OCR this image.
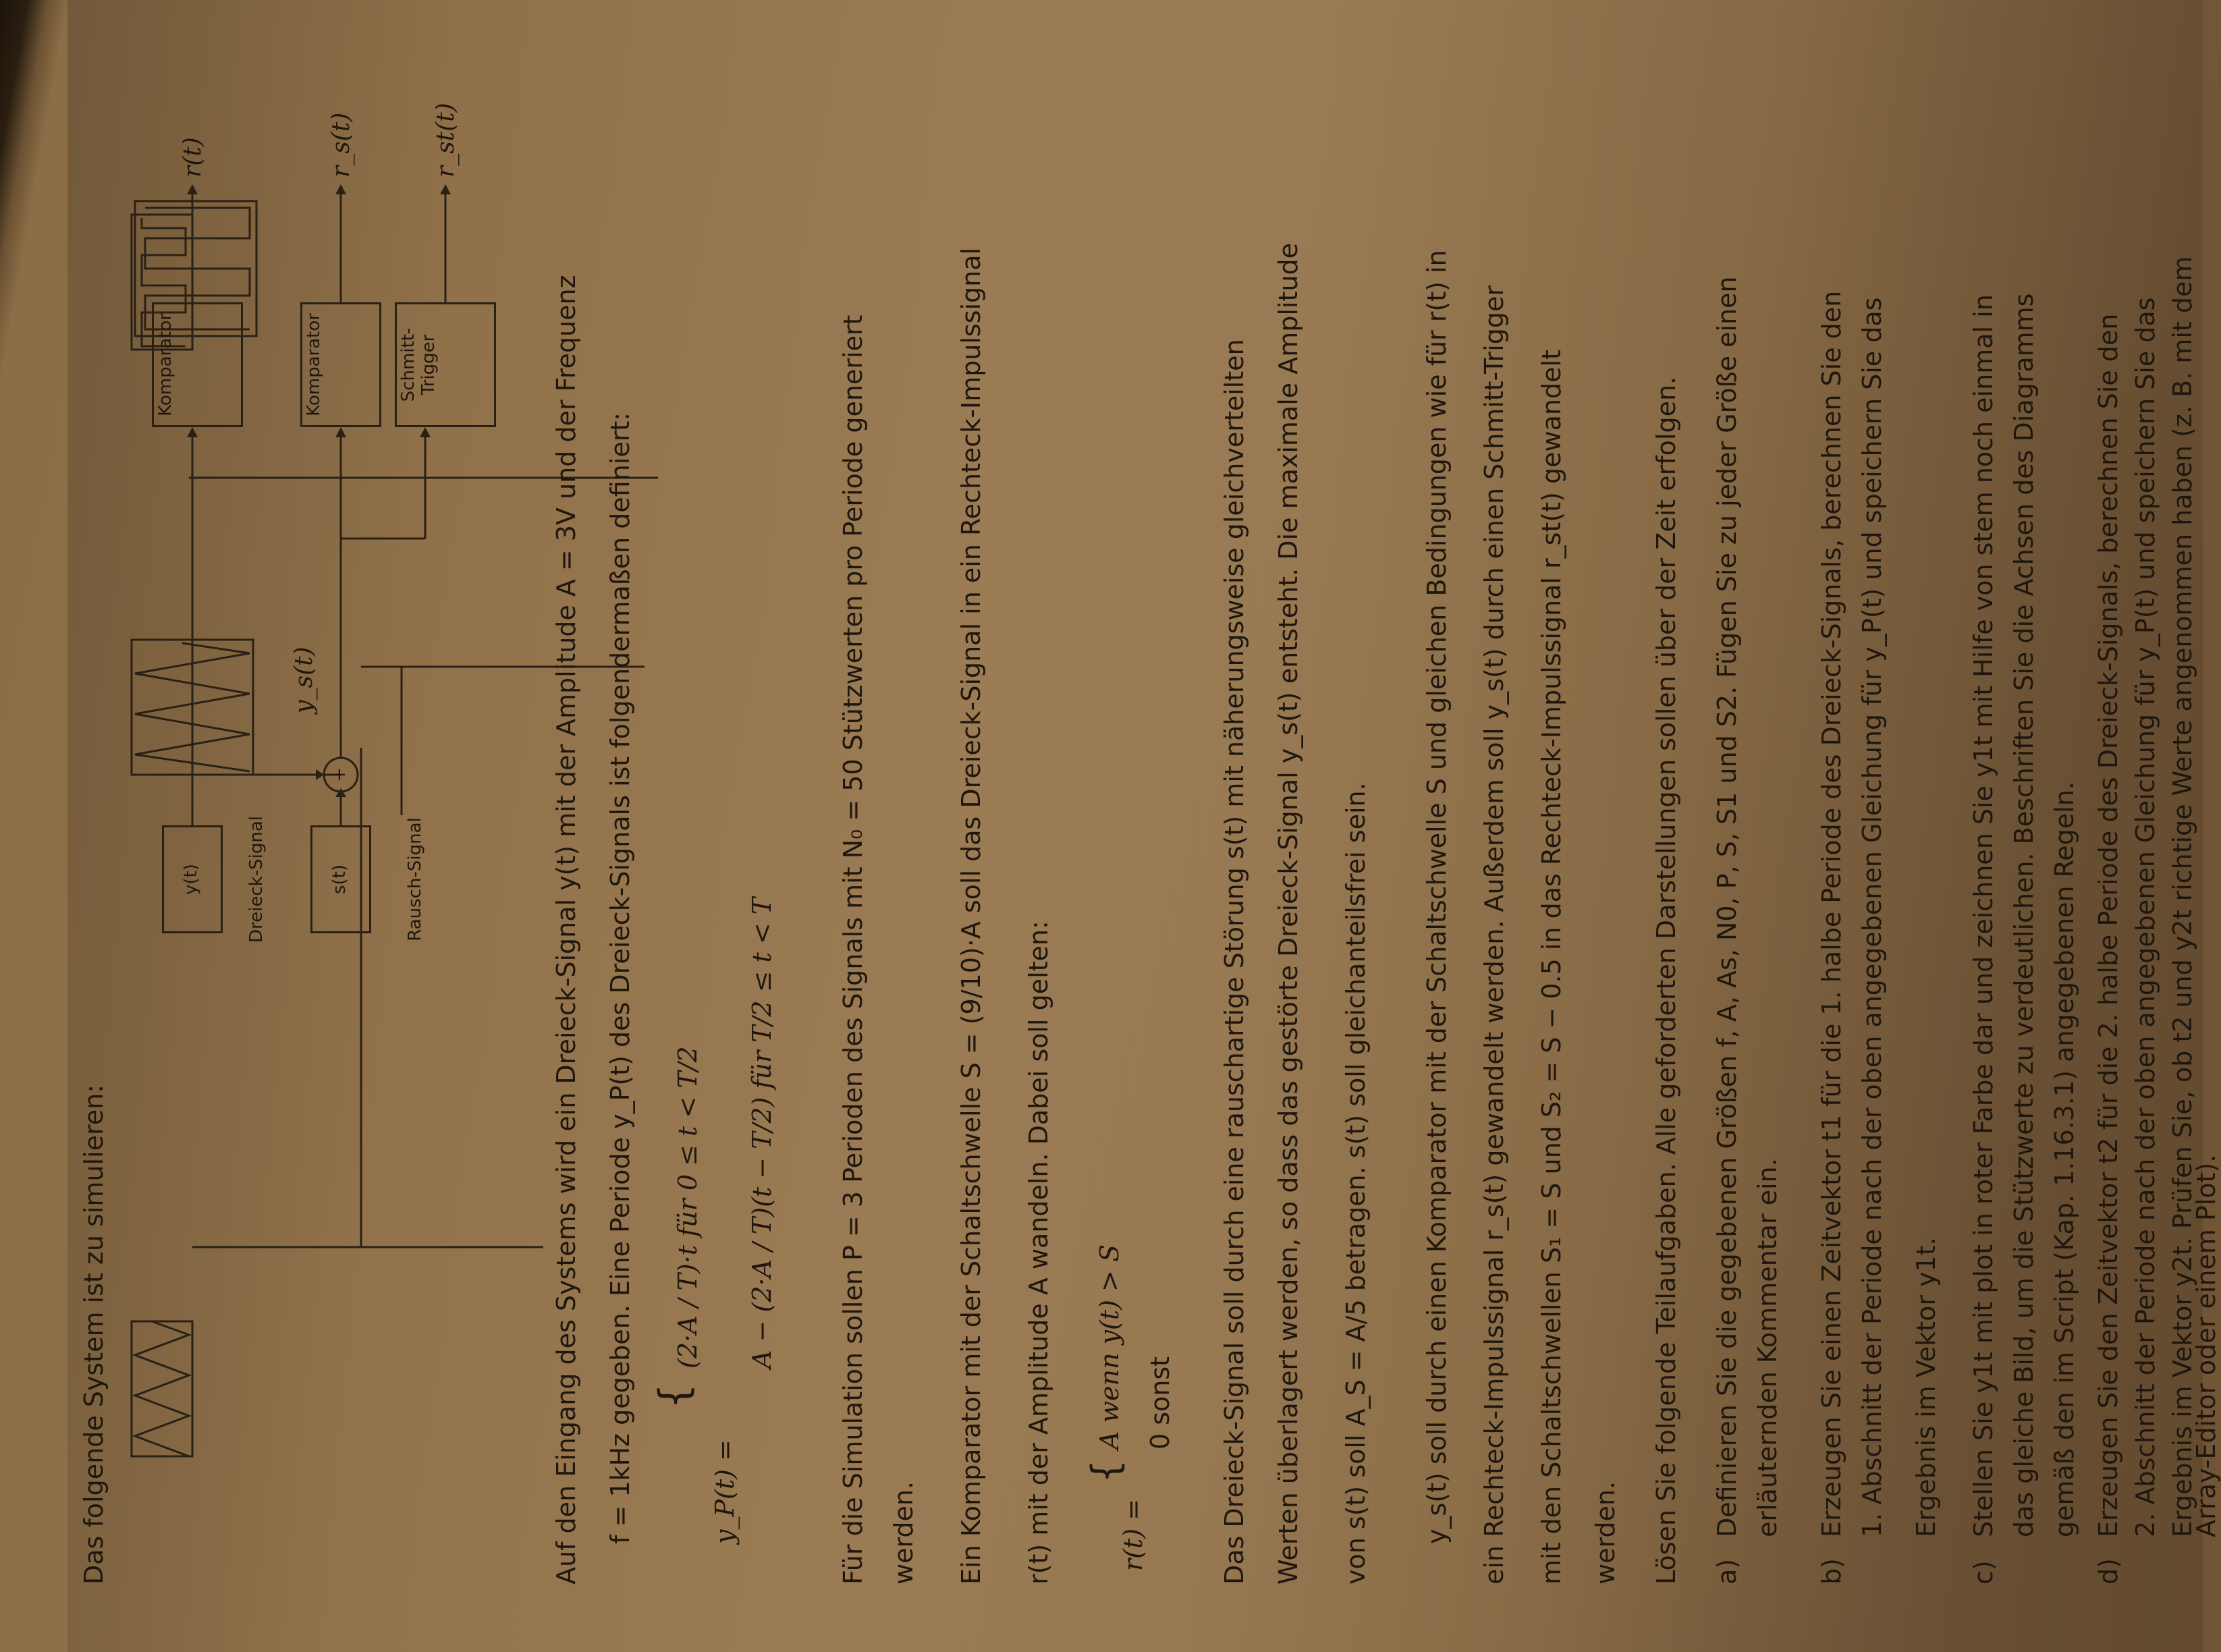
Das folgende System ist zu simulieren:
y(t)	Dreieck-Signal	s(t)	Rausch-Signal
+
y_s(t)
Komparator	Komparator	Schmitt- Trigger
r(t)	r_s(t)	r_st(t)
Auf den Eingang des Systems wird ein Dreieck-Signal y(t) mit der Amplitude A = 3V und der Frequenz f = 1kHz gegeben. Eine Periode y_P(t) des Dreieck-Signals ist folgendermaßen definiert:	y_P(t) =
{
(2·A / T)·t für 0 ≤ t < T/2	A − (2·A / T)(t − T/2) für T/2 ≤ t < T	Für die Simulation sollen P = 3 Perioden des Signals mit N₀ = 50 Stützwerten pro Periode generiert werden.	Ein Komparator mit der Schaltschwelle S = (9/10)·A soll das Dreieck-Signal in ein Rechteck-Impulssignal	r(t) mit der Amplitude A wandeln. Dabei soll gelten:	r(t) =
{
A wenn y(t) > S 0 sonst	Das Dreieck-Signal soll durch eine rauschartige Störung s(t) mit näherungsweise gleichverteilten Werten überlagert werden, so dass das gestörte Dreieck-Signal y_s(t) entsteht. Die maximale Amplitude	von s(t) soll A_S = A/5 betragen. s(t) soll gleichanteilsfrei sein.	y_s(t) soll durch einen Komparator mit der Schaltschwelle S und gleichen Bedingungen wie für r(t) in	ein Rechteck-Impulssignal r_s(t) gewandelt werden. Außerdem soll y_s(t) durch einen Schmitt-Trigger	mit den Schaltschwellen S₁ = S und S₂ = S − 0.5 in das Rechteck-Impulssignal r_st(t) gewandelt werden.	Lösen Sie folgende Teilaufgaben. Alle geforderten Darstellungen sollen über der Zeit erfolgen.	a)
Definieren Sie die gegebenen Größen f, A, As, N0, P, S, S1 und S2. Fügen Sie zu jeder Größe einen erläuternden Kommentar ein.
b)
Erzeugen Sie einen Zeitvektor t1 für die 1. halbe Periode des Dreieck-Signals, berechnen Sie den 1. Abschnitt der Periode nach der oben angegebenen Gleichung für y_P(t) und speichern Sie das Ergebnis im Vektor y1t.
c)
Stellen Sie y1t mit plot in roter Farbe dar und zeichnen Sie y1t mit Hilfe von stem noch einmal in das gleiche Bild, um die Stützwerte zu verdeutlichen. Beschriften Sie die Achsen des Diagramms gemäß den im Script (Kap. 1.16.3.1) angegebenen Regeln.
d)
Erzeugen Sie den Zeitvektor t2 für die 2. halbe Periode des Dreieck-Signals, berechnen Sie den 2. Abschnitt der Periode nach der oben angegebenen Gleichung für y_P(t) und speichern Sie das Ergebnis im Vektor y2t. Prüfen Sie, ob t2 und y2t richtige Werte angenommen haben (z. B. mit dem
Array-Editor oder einem Plot).
